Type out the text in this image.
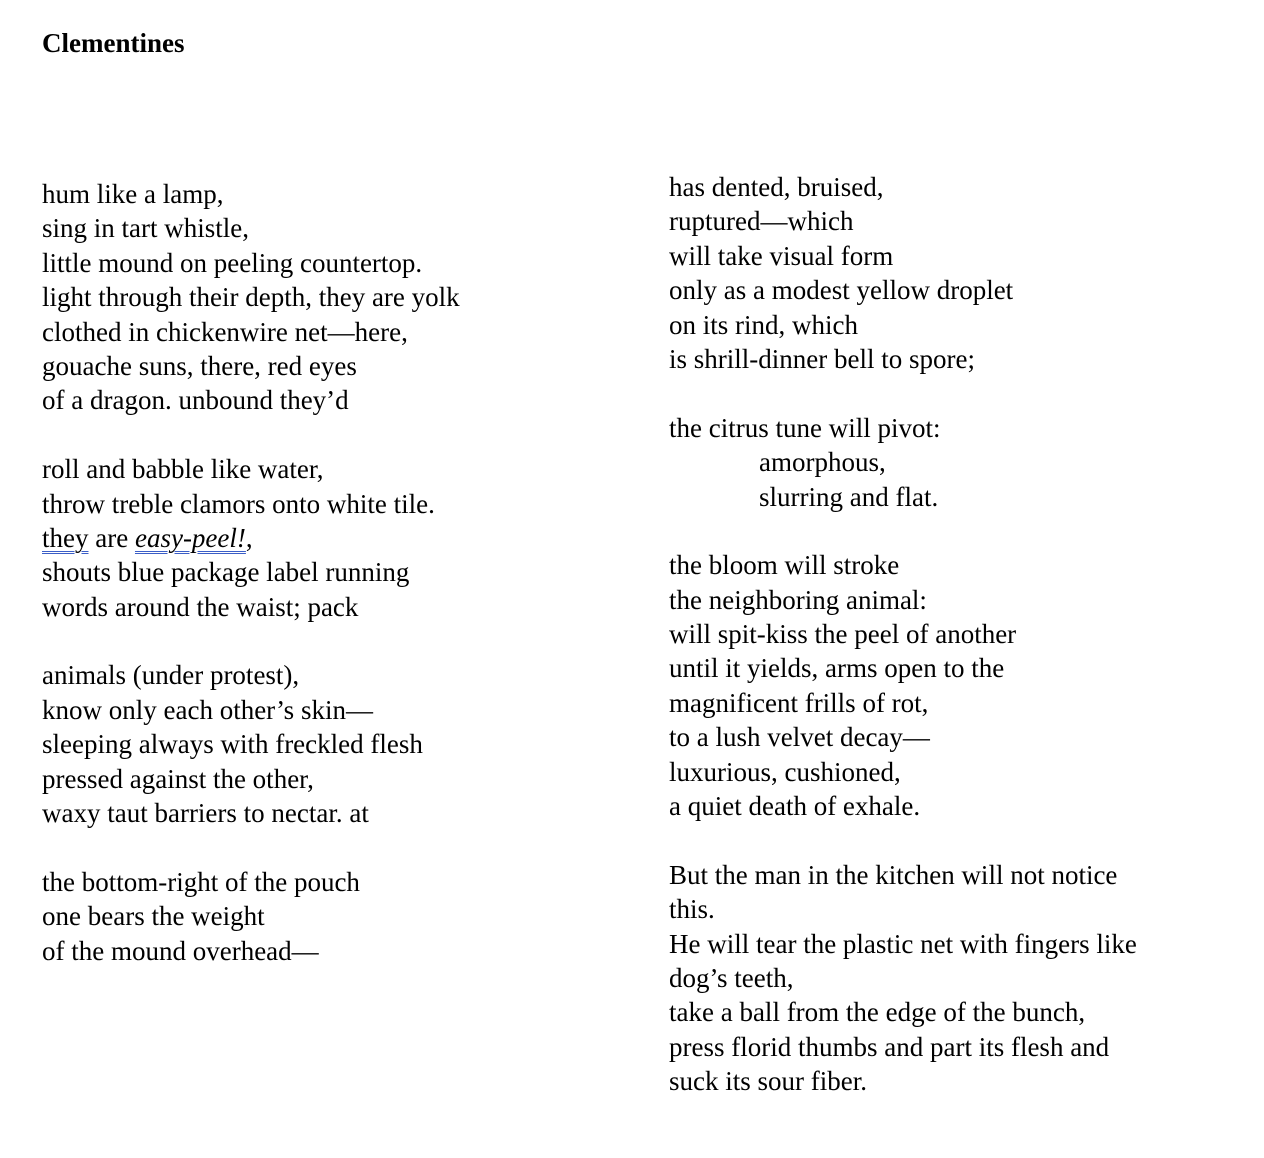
Clementines
hum like a lamp,
sing in tart whistle,
little mound on peeling countertop.
light through their depth, they are yolk
clothed in chickenwire net—here,
gouache suns, there, red eyes
of a dragon. unbound they’d
roll and babble like water,
throw treble clamors onto white tile.
they are easy-peel!,
shouts blue package label running
words around the waist; pack
animals (under protest),
know only each other’s skin—
sleeping always with freckled flesh
pressed against the other,
waxy taut barriers to nectar. at
the bottom-right of the pouch
one bears the weight
of the mound overhead—
has dented, bruised,
ruptured—which
will take visual form
only as a modest yellow droplet
on its rind, which
is shrill-dinner bell to spore;
the citrus tune will pivot:
amorphous,
slurring and flat.
the bloom will stroke
the neighboring animal:
will spit-kiss the peel of another
until it yields, arms open to the
magnificent frills of rot,
to a lush velvet decay—
luxurious, cushioned,
a quiet death of exhale.
But the man in the kitchen will not notice
this.
He will tear the plastic net with fingers like
dog’s teeth,
take a ball from the edge of the bunch,
press florid thumbs and part its flesh and
suck its sour fiber.
